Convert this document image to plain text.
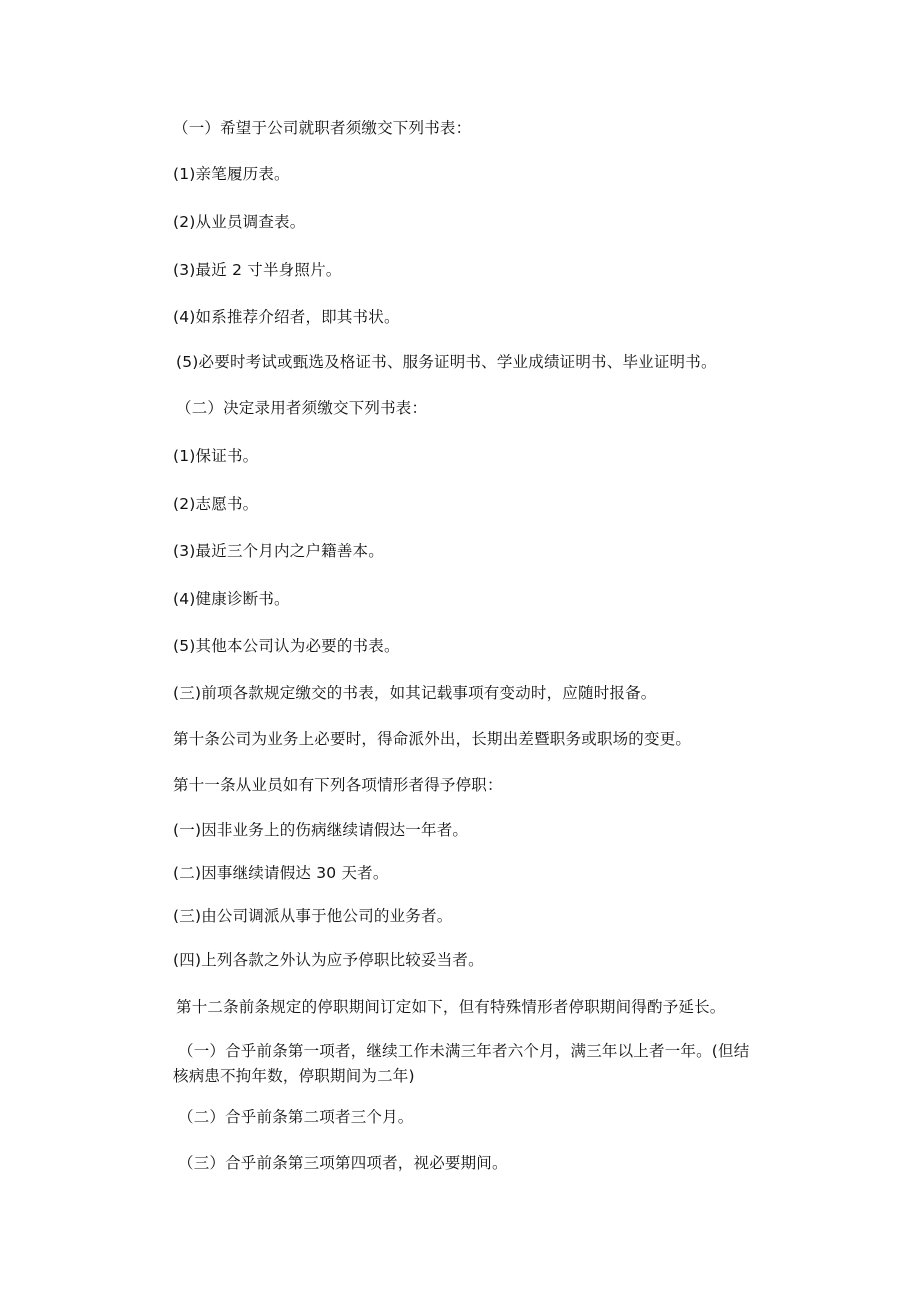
（一）希望于公司就职者须缴交下列书表：
(1)亲笔履历表。
(2)从业员调查表。
(3)最近 2 寸半身照片。
(4)如系推荐介绍者，即其书状。
(5)必要时考试或甄选及格证书、服务证明书、学业成绩证明书、毕业证明书。
（二）决定录用者须缴交下列书表：
(1)保证书。
(2)志愿书。
(3)最近三个月内之户籍善本。
(4)健康诊断书。
(5)其他本公司认为必要的书表。
(三)前项各款规定缴交的书表，如其记载事项有变动时，应随时报备。
第十条公司为业务上必要时，得命派外出，长期出差暨职务或职场的变更。
第十一条从业员如有下列各项情形者得予停职：
(一)因非业务上的伤病继续请假达一年者。
(二)因事继续请假达 30 天者。
(三)由公司调派从事于他公司的业务者。
(四)上列各款之外认为应予停职比较妥当者。
第十二条前条规定的停职期间订定如下，但有特殊情形者停职期间得酌予延长。
（一）合乎前条第一项者，继续工作未满三年者六个月，满三年以上者一年。(但结核病患不拘年数，停职期间为二年)
（二）合乎前条第二项者三个月。
（三）合乎前条第三项第四项者，视必要期间。
